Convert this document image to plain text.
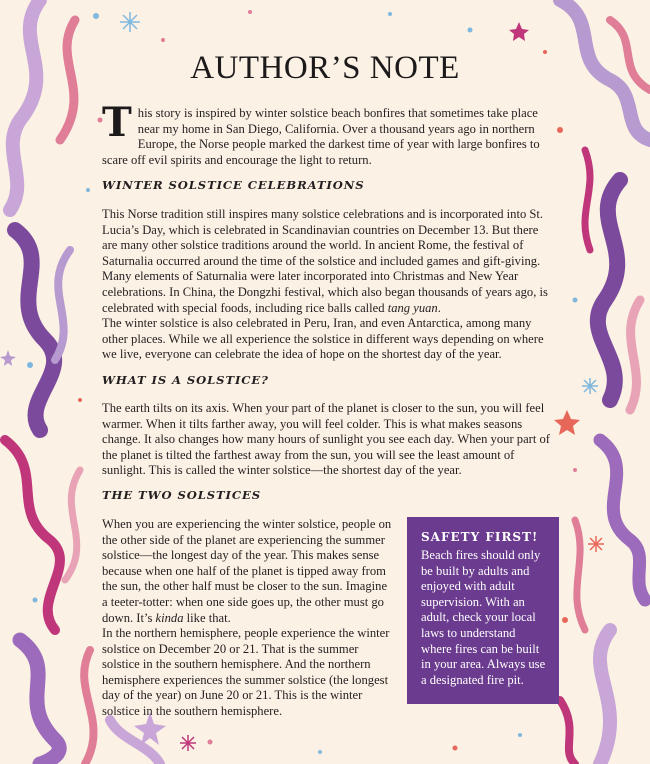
AUTHOR’S NOTE

This story is inspired by winter solstice beach bonfires that sometimes take place near my home in San Diego, California. Over a thousand years ago in northern Europe, the Norse people marked the darkest time of year with large bonfires to scare off evil spirits and encourage the light to return.

WINTER SOLSTICE CELEBRATIONS

This Norse tradition still inspires many solstice celebrations and is incorporated into St. Lucia’s Day, which is celebrated in Scandinavian countries on December 13. But there are many other solstice traditions around the world. In ancient Rome, the festival of Saturnalia occurred around the time of the solstice and included games and gift-giving. Many elements of Saturnalia were later incorporated into Christmas and New Year celebrations. In China, the Dongzhi festival, which also began thousands of years ago, is celebrated with special foods, including rice balls called tang yuan.

The winter solstice is also celebrated in Peru, Iran, and even Antarctica, among many other places. While we all experience the solstice in different ways depending on where we live, everyone can celebrate the idea of hope on the shortest day of the year.

WHAT IS A SOLSTICE?

The earth tilts on its axis. When your part of the planet is closer to the sun, you will feel warmer. When it tilts farther away, you will feel colder. This is what makes seasons change. It also changes how many hours of sunlight you see each day. When your part of the planet is tilted the farthest away from the sun, you will see the least amount of sunlight. This is called the winter solstice—the shortest day of the year.

THE TWO SOLSTICES

When you are experiencing the winter solstice, people on the other side of the planet are experiencing the summer solstice—the longest day of the year. This makes sense because when one half of the planet is tipped away from the sun, the other half must be closer to the sun. Imagine a teeter-totter: when one side goes up, the other must go down. It’s kinda like that.

In the northern hemisphere, people experience the winter solstice on December 20 or 21. That is the summer solstice in the southern hemisphere. And the northern hemisphere experiences the summer solstice (the longest day of the year) on June 20 or 21. This is the winter solstice in the southern hemisphere.

SAFETY FIRST!

Beach fires should only be built by adults and enjoyed with adult supervision. With an adult, check your local laws to understand where fires can be built in your area. Always use a designated fire pit.
